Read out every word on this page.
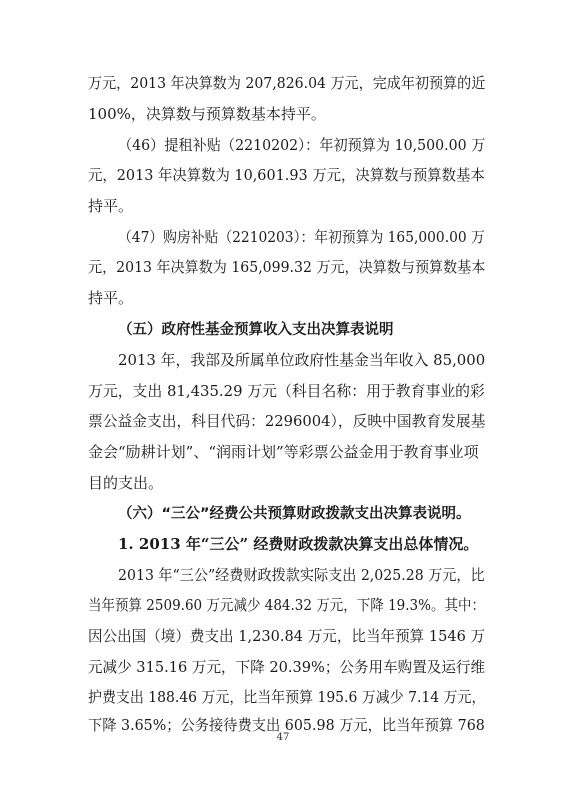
万元，2013 年决算数为 207,826.04 万元，完成年初预算的近
100%，决算数与预算数基本持平。
（46）提租补贴（2210202）：年初预算为 10,500.00 万
元，2013 年决算数为 10,601.93 万元，决算数与预算数基本
持平。
（47）购房补贴（2210203）：年初预算为 165,000.00 万
元，2013 年决算数为 165,099.32 万元，决算数与预算数基本
持平。
（五）政府性基金预算收入支出决算表说明
2013 年，我部及所属单位政府性基金当年收入 85,000
万元，支出 81,435.29 万元（科目名称：用于教育事业的彩
票公益金支出，科目代码：2296004），反映中国教育发展基
金会“励耕计划”、“润雨计划”等彩票公益金用于教育事业项
目的支出。
（六）“三公”经费公共预算财政拨款支出决算表说明。
1. 2013 年“三公” 经费财政拨款决算支出总体情况。
2013 年“三公”经费财政拨款实际支出 2,025.28 万元，比
当年预算 2509.60 万元减少 484.32 万元，下降 19.3%。其中：
因公出国（境）费支出 1,230.84 万元，比当年预算 1546 万
元减少 315.16 万元，下降 20.39%；公务用车购置及运行维
护费支出 188.46 万元，比当年预算 195.6 万减少 7.14 万元，
下降 3.65%；公务接待费支出 605.98 万元，比当年预算 768
47
